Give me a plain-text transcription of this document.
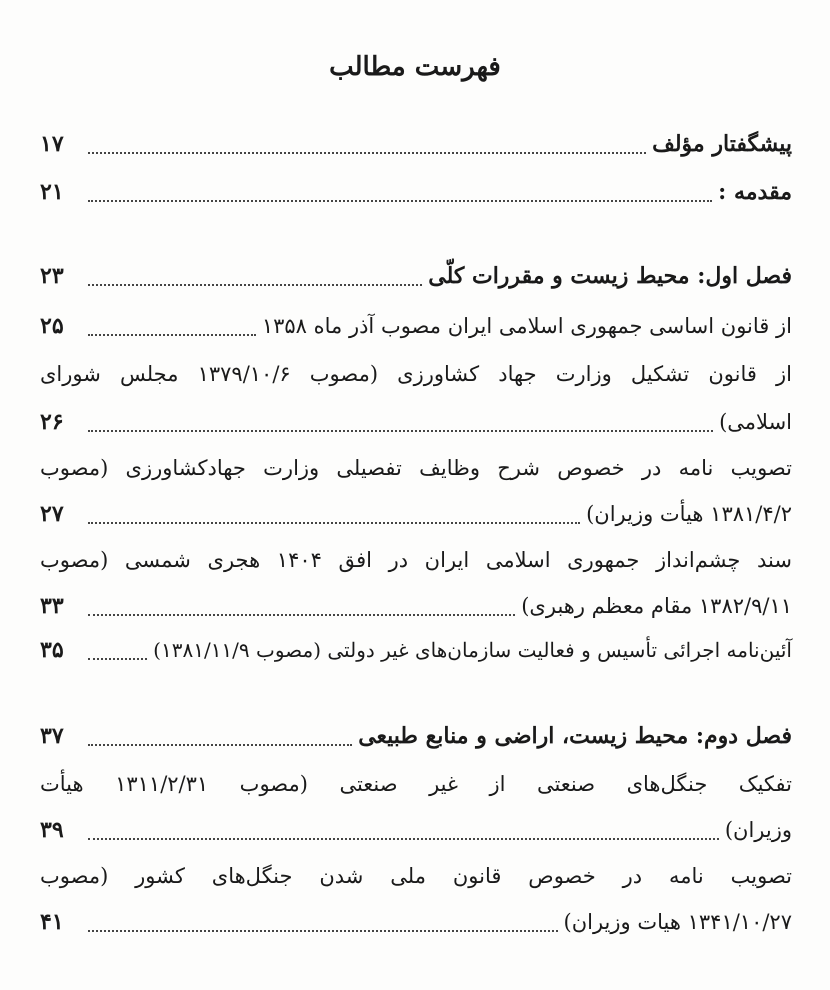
فهرست مطالب
پیشگفتار مؤلف
۱۷
مقدمه :
۲۱
فصل اول: محیط زیست و مقررات کلّی
۲۳
از قانون اساسی جمهوری اسلامی ایران مصوب آذر ماه ۱۳۵۸
۲۵
از قانون تشکیل وزارت جهاد کشاورزی (مصوب ۱۳۷۹/۱۰/۶ مجلس شورای
اسلامی)
۲۶
تصویب نامه در خصوص شرح وظایف تفصیلی وزارت جهادکشاورزی (مصوب
۱۳۸۱/۴/۲ هیأت وزیران)
۲۷
سند چشم‌انداز جمهوری اسلامی ایران در افق ۱۴۰۴ هجری شمسی (مصوب
۱۳۸۲/۹/۱۱ مقام معظم رهبری)
۳۳
آئین‌نامه اجرائی تأسیس و فعالیت سازمان‌های غیر دولتی (مصوب ۱۳۸۱/۱۱/۹)
۳۵
فصل دوم: محیط زیست، اراضی و منابع طبیعی
۳۷
تفکیک جنگل‌های صنعتی از غیر صنعتی (مصوب ۱۳۱۱/۲/۳۱ هیأت
وزیران)
۳۹
تصویب نامه در خصوص قانون ملی شدن جنگل‌های کشور (مصوب
۱۳۴۱/۱۰/۲۷ هیات وزیران)
۴۱
